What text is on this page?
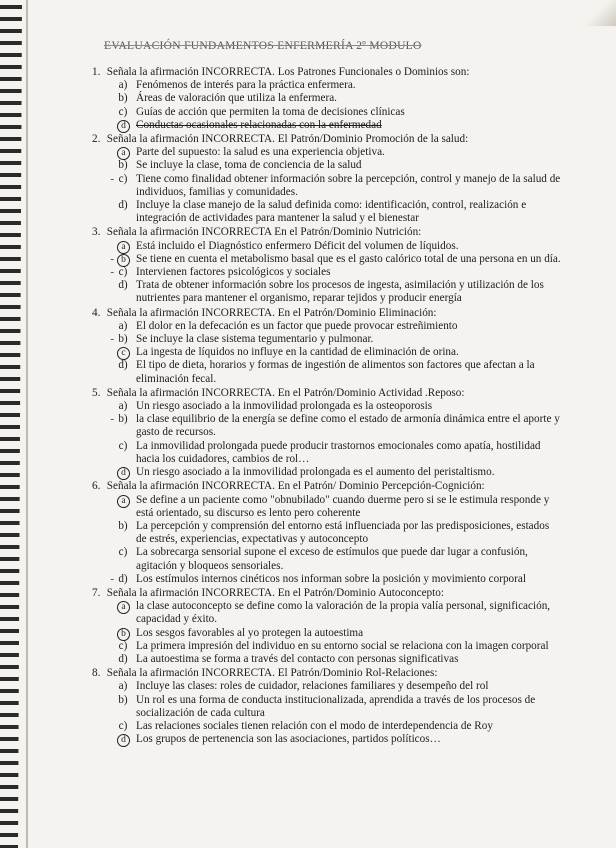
EVALUACIÓN FUNDAMENTOS ENFERMERÍA 2º MODULO
1. Señala la afirmación INCORRECTA. Los Patrones Funcionales o Dominios son:
a) Fenómenos de interés para la práctica enfermera.
b) Áreas de valoración que utiliza la enfermera.
c) Guías de acción que permiten la toma de decisiones clínicas
d Conductas ocasionales relacionadas con la enfermedad
2. Señala la afirmación INCORRECTA. El Patrón/Dominio Promoción de la salud:
a Parte del supuesto: la salud es una experiencia objetiva.
b) Se incluye la clase, toma de conciencia de la salud
- c) Tiene como finalidad obtener información sobre la percepción, control y manejo de la salud de individuos, familias y comunidades.
d) Incluye la clase manejo de la salud definida como: identificación, control, realización e integración de actividades para mantener la salud y el bienestar
3. Señala la afirmación INCORRECTA En el Patrón/Dominio Nutrición:
a Está incluido el Diagnóstico enfermero Déficit del volumen de líquidos.
- b Se tiene en cuenta el metabolismo basal que es el gasto calórico total de una persona en un día.
- c) Intervienen factores psicológicos y sociales
d) Trata de obtener información sobre los procesos de ingesta, asimilación y utilización de los nutrientes para mantener el organismo, reparar tejidos y producir energía
4. Señala la afirmación INCORRECTA. En el Patrón/Dominio Eliminación:
a) El dolor en la defecación es un factor que puede provocar estreñimiento
- b) Se incluye la clase sistema tegumentario y pulmonar.
c La ingesta de líquidos no influye en la cantidad de eliminación de orina.
d) El tipo de dieta, horarios y formas de ingestión de alimentos son factores que afectan a la eliminación fecal.
5. Señala la afirmación INCORRECTA. En el Patrón/Dominio Actividad .Reposo:
a) Un riesgo asociado a la inmovilidad prolongada es la osteoporosis
- b) la clase equilibrio de la energía se define como el estado de armonía dinámica entre el aporte y gasto de recursos.
c) La inmovilidad prolongada puede producir trastornos emocionales como apatía, hostilidad hacia los cuidadores, cambios de rol…
d Un riesgo asociado a la inmovilidad prolongada es el aumento del peristaltismo.
6. Señala la afirmación INCORRECTA. En el Patrón/ Dominio Percepción-Cognición:
a Se define a un paciente como "obnubilado" cuando duerme pero si se le estimula responde y está orientado, su discurso es lento pero coherente
b) La percepción y comprensión del entorno está influenciada por las predisposiciones, estados de estrés, experiencias, expectativas y autoconcepto
c) La sobrecarga sensorial supone el exceso de estímulos que puede dar lugar a confusión, agitación y bloqueos sensoriales.
- d) Los estímulos internos cinéticos nos informan sobre la posición y movimiento corporal
7. Señala la afirmación INCORRECTA. En el Patrón/Dominio Autoconcepto:
a la clase autoconcepto se define como la valoración de la propia valía personal, significación, capacidad y éxito.
b Los sesgos favorables al yo protegen la autoestima
c) La primera impresión del individuo en su entorno social se relaciona con la imagen corporal
d) La autoestima se forma a través del contacto con personas significativas
8. Señala la afirmación INCORRECTA. El Patrón/Dominio Rol-Relaciones:
a) Incluye las clases: roles de cuidador, relaciones familiares y desempeño del rol
b) Un rol es una forma de conducta institucionalizada, aprendida a través de los procesos de socialización de cada cultura
c) Las relaciones sociales tienen relación con el modo de interdependencia de Roy
d Los grupos de pertenencia son las asociaciones, partidos políticos…
